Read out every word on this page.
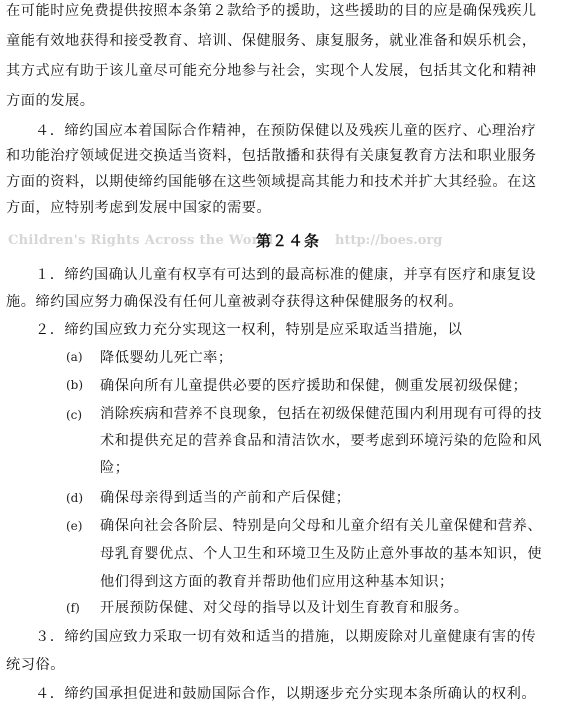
在可能时应免费提供按照本条第２款给予的援助，这些援助的目的应是确保残疾儿
童能有效地获得和接受教育、培训、保健服务、康复服务，就业准备和娱乐机会，
其方式应有助于该儿童尽可能充分地参与社会，实现个人发展，包括其文化和精神
方面的发展。
４．缔约国应本着国际合作精神，在预防保健以及残疾儿童的医疗、心理治疗
和功能治疗领域促进交换适当资料，包括散播和获得有关康复教育方法和职业服务
方面的资料，以期使缔约国能够在这些领域提高其能力和技术并扩大其经验。在这
方面，应特别考虑到发展中国家的需要。
Children's Rights Across the World
第２４条 http://boes.org
１．缔约国确认儿童有权享有可达到的最高标准的健康，并享有医疗和康复设
施。缔约国应努力确保没有任何儿童被剥夺获得这种保健服务的权利。
２．缔约国应致力充分实现这一权利，特别是应采取适当措施，以
(a) 降低婴幼儿死亡率；
(b) 确保向所有儿童提供必要的医疗援助和保健，侧重发展初级保健；
(c) 消除疾病和营养不良现象，包括在初级保健范围内利用现有可得的技
术和提供充足的营养食品和清洁饮水，要考虑到环境污染的危险和风
险；
(d) 确保母亲得到适当的产前和产后保健；
(e) 确保向社会各阶层、特别是向父母和儿童介绍有关儿童保健和营养、
母乳育婴优点、个人卫生和环境卫生及防止意外事故的基本知识，使
他们得到这方面的教育并帮助他们应用这种基本知识；
(f) 开展预防保健、对父母的指导以及计划生育教育和服务。
３．缔约国应致力采取一切有效和适当的措施，以期废除对儿童健康有害的传
统习俗。
４．缔约国承担促进和鼓励国际合作，以期逐步充分实现本条所确认的权利。
